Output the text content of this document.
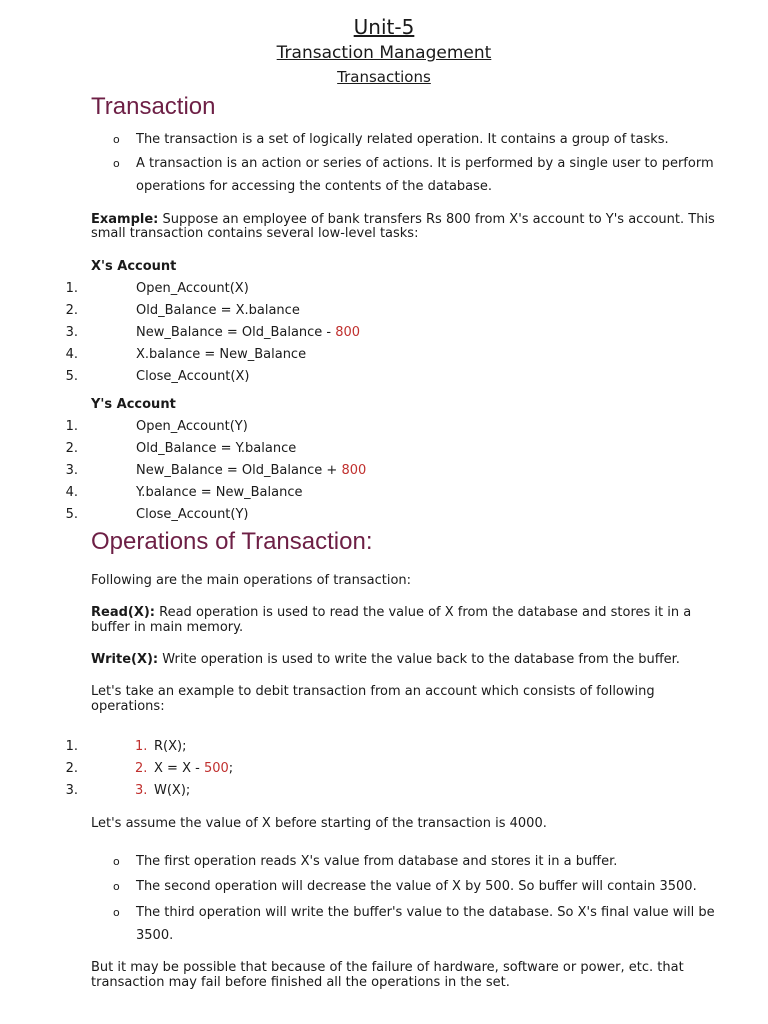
Unit-5
Transaction Management
Transactions
Transaction
o The transaction is a set of logically related operation. It contains a group of tasks.
o A transaction is an action or series of actions. It is performed by a single user to perform
operations for accessing the contents of the database.
Example: Suppose an employee of bank transfers Rs 800 from X's account to Y's account. This
small transaction contains several low-level tasks:
X's Account
1.	Open_Account(X)
2.	Old_Balance = X.balance
3.	New_Balance = Old_Balance - 800
4.	X.balance = New_Balance
5.	Close_Account(X)
Y's Account
1.	Open_Account(Y)
2.	Old_Balance = Y.balance
3.	New_Balance = Old_Balance + 800
4.	Y.balance = New_Balance
5.	Close_Account(Y)
Operations of Transaction:
Following are the main operations of transaction:
Read(X): Read operation is used to read the value of X from the database and stores it in a
buffer in main memory.
Write(X): Write operation is used to write the value back to the database from the buffer.
Let's take an example to debit transaction from an account which consists of following
operations:
1.	1. R(X);
2.	2. X = X - 500;
3.	3. W(X);
Let's assume the value of X before starting of the transaction is 4000.
o The first operation reads X's value from database and stores it in a buffer.
o The second operation will decrease the value of X by 500. So buffer will contain 3500.
o The third operation will write the buffer's value to the database. So X's final value will be
3500.
But it may be possible that because of the failure of hardware, software or power, etc. that
transaction may fail before finished all the operations in the set.
